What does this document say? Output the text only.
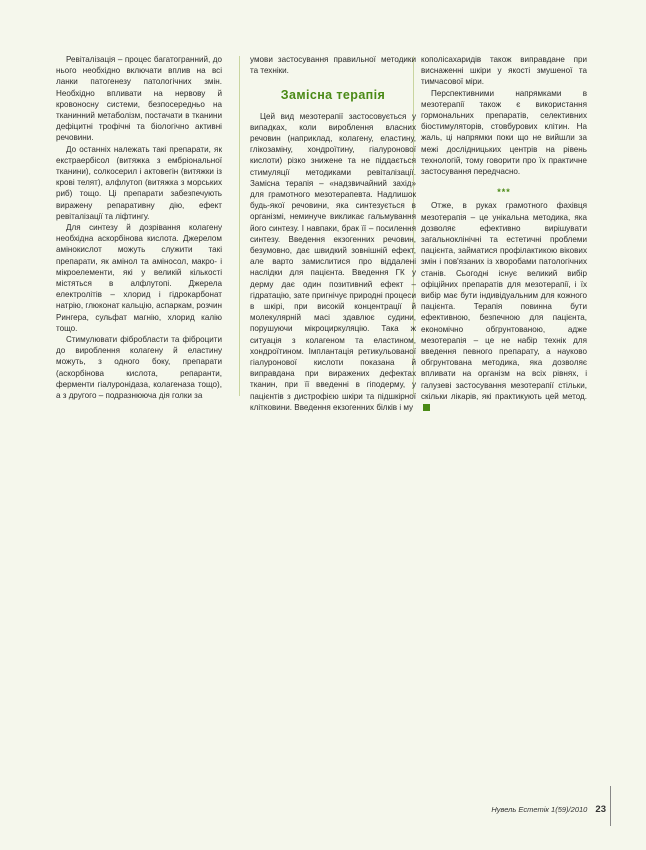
Ревіталізація – процес багатогранний, до нього необхідно включати вплив на всі ланки патогенезу патологічних змін. Необхідно впливати на нервову й кровоносну системи, безпосередньо на тканинний метаболізм, постачати в тканини дефіцитні трофічні та біологічно активні речовини.

До останніх належать такі препарати, як екстраербісол (витяжка з ембріональної тканини), солкосерил і актовегін (витяжки із крові телят), алфлутоп (витяжка з морських риб) тощо. Ці препарати забезпечують виражену репаративну дію, ефект ревіталізації та ліфтингу.

Для синтезу й дозрівання колагену необхідна аскорбінова кислота. Джерелом амінокислот можуть служити такі препарати, як амінол та аміносол, макро- і мікроелементи, які у великій кількості містяться в алфлутопі. Джерела електролітів – хлорид і гідрокарбонат натрію, глюконат кальцію, аспаркам, розчин Рингера, сульфат магнію, хлорид калію тощо.

Стимулювати фібробласти та фіброцити до вироблення колагену й еластину можуть, з одного боку, препарати (аскорбінова кислота, репаранти, ферменти гіалуронідаза, колагеназа тощо), а з другого – подразнююча дія голки за

умови застосування правильної методики та техніки.

Замісна терапія

Цей вид мезотерапії застосовується у випадках, коли вироблення власних речовин (наприклад, колагену, еластину, глікозаміну, хондроїтину, гіалуронової кислоти) різко знижене та не піддається стимуляції методиками ревіталізації. Замісна терапія – «надзвичайний захід» для грамотного мезотерапевта. Надлишок будь-якої речовини, яка синтезується в організмі, неминуче викликає гальмування його синтезу. І навпаки, брак її – посилення синтезу. Введення екзогенних речовин, безумовно, дає швидкий зовнішній ефект, але варто замислитися про віддалені наслідки для пацієнта. Введення ГК у дерму дає один позитивний ефект – гідратацію, зате пригнічує природні процеси в шкірі, при високій концентрації й молекулярній масі здавлює судини, порушуючи мікроциркуляцію. Така ж ситуація з колагеном та еластином, хондроїтином. Імплантація ретикульованої гіалуронової кислоти показана й виправдана при виражених дефектах тканин, при її введенні в гіподерму, у пацієнтів з дистрофією шкіри та підшкірної клітковини. Введення екзогенних білків і му

кополісахаридів також виправдане при виснаженні шкіри у якості змушеної та тимчасової міри.

Перспективними напрямками в мезотерапії також є використання гормональних препаратів, селективних біостимуляторів, стовбурових клітин. На жаль, ці напрямки поки що не вийшли за межі дослідницьких центрів на рівень технологій, тому говорити про їх практичне застосування передчасно.

***

Отже, в руках грамотного фахівця мезотерапія – це унікальна методика, яка дозволяє ефективно вирішувати загальноклінічні та естетичні проблеми пацієнта, займатися профілактикою вікових змін і пов'язаних із хворобами патологічних станів. Сьогодні існує великий вибір офіційних препаратів для мезотерапії, і їх вибір має бути індивідуальним для кожного пацієнта. Терапія повинна бути ефективною, безпечною для пацієнта, економічно обгрунтованою, адже мезотерапія – це не набір технік для введення певного препарату, а науково обгрунтована методика, яка дозволяє впливати на організм на всіх рівнях, і галузеві застосування мезотерапії стільки, скільки лікарів, які практикують цей метод.

Нувель Естетік 1(59)/2010 23
